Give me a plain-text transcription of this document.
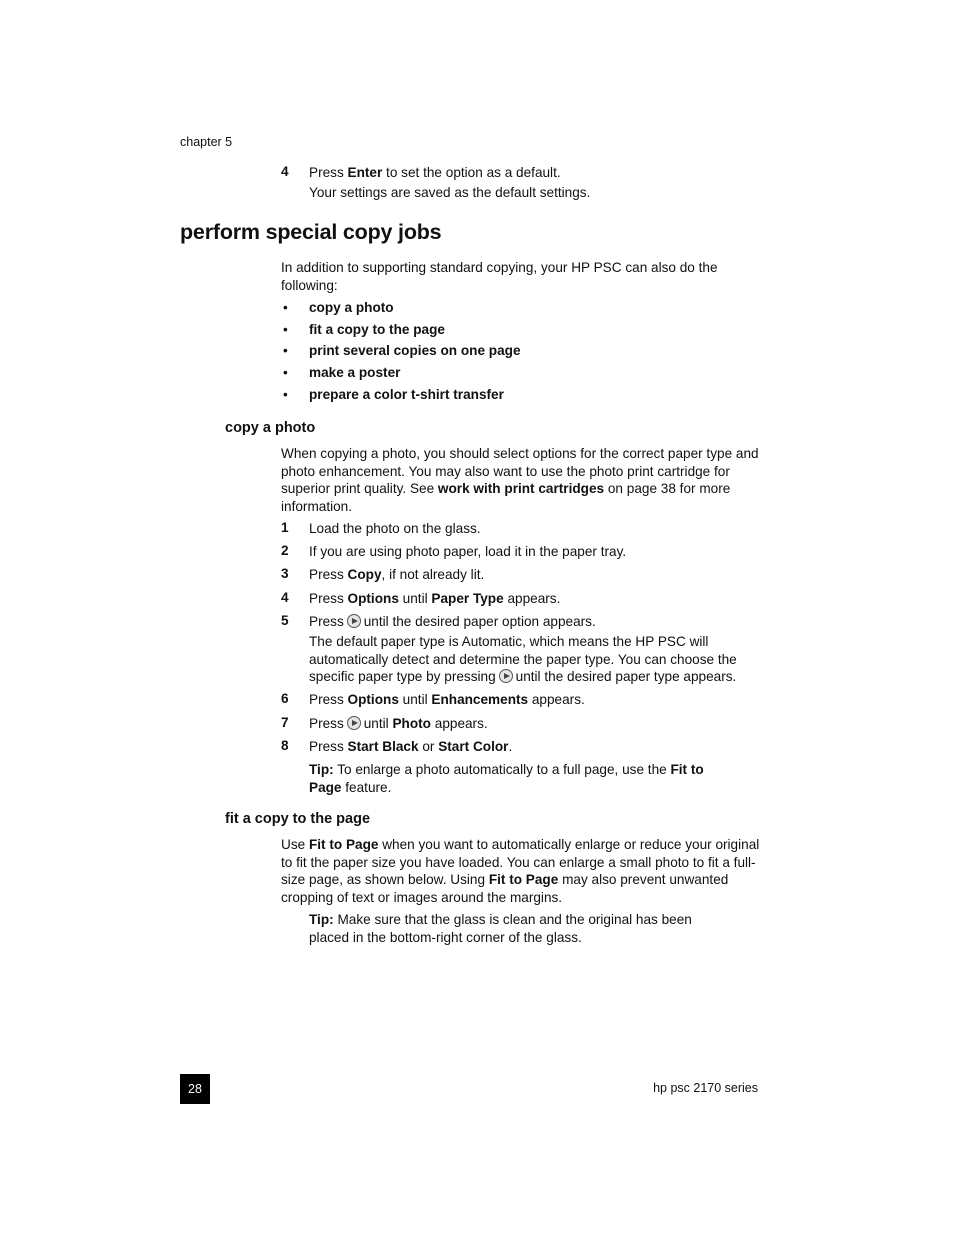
chapter 5
4 Press Enter to set the option as a default.
Your settings are saved as the default settings.
perform special copy jobs
In addition to supporting standard copying, your HP PSC can also do the following:
• copy a photo
• fit a copy to the page
• print several copies on one page
• make a poster
• prepare a color t-shirt transfer
copy a photo
When copying a photo, you should select options for the correct paper type and photo enhancement. You may also want to use the photo print cartridge for superior print quality. See work with print cartridges on page 38 for more information.
1 Load the photo on the glass.
2 If you are using photo paper, load it in the paper tray.
3 Press Copy, if not already lit.
4 Press Options until Paper Type appears.
5 Press until the desired paper option appears.
The default paper type is Automatic, which means the HP PSC will automatically detect and determine the paper type. You can choose the specific paper type by pressing until the desired paper type appears.
6 Press Options until Enhancements appears.
7 Press until Photo appears.
8 Press Start Black or Start Color.
Tip: To enlarge a photo automatically to a full page, use the Fit to Page feature.
fit a copy to the page
Use Fit to Page when you want to automatically enlarge or reduce your original to fit the paper size you have loaded. You can enlarge a small photo to fit a full-size page, as shown below. Using Fit to Page may also prevent unwanted cropping of text or images around the margins.
Tip: Make sure that the glass is clean and the original has been placed in the bottom-right corner of the glass.
28	hp psc 2170 series
